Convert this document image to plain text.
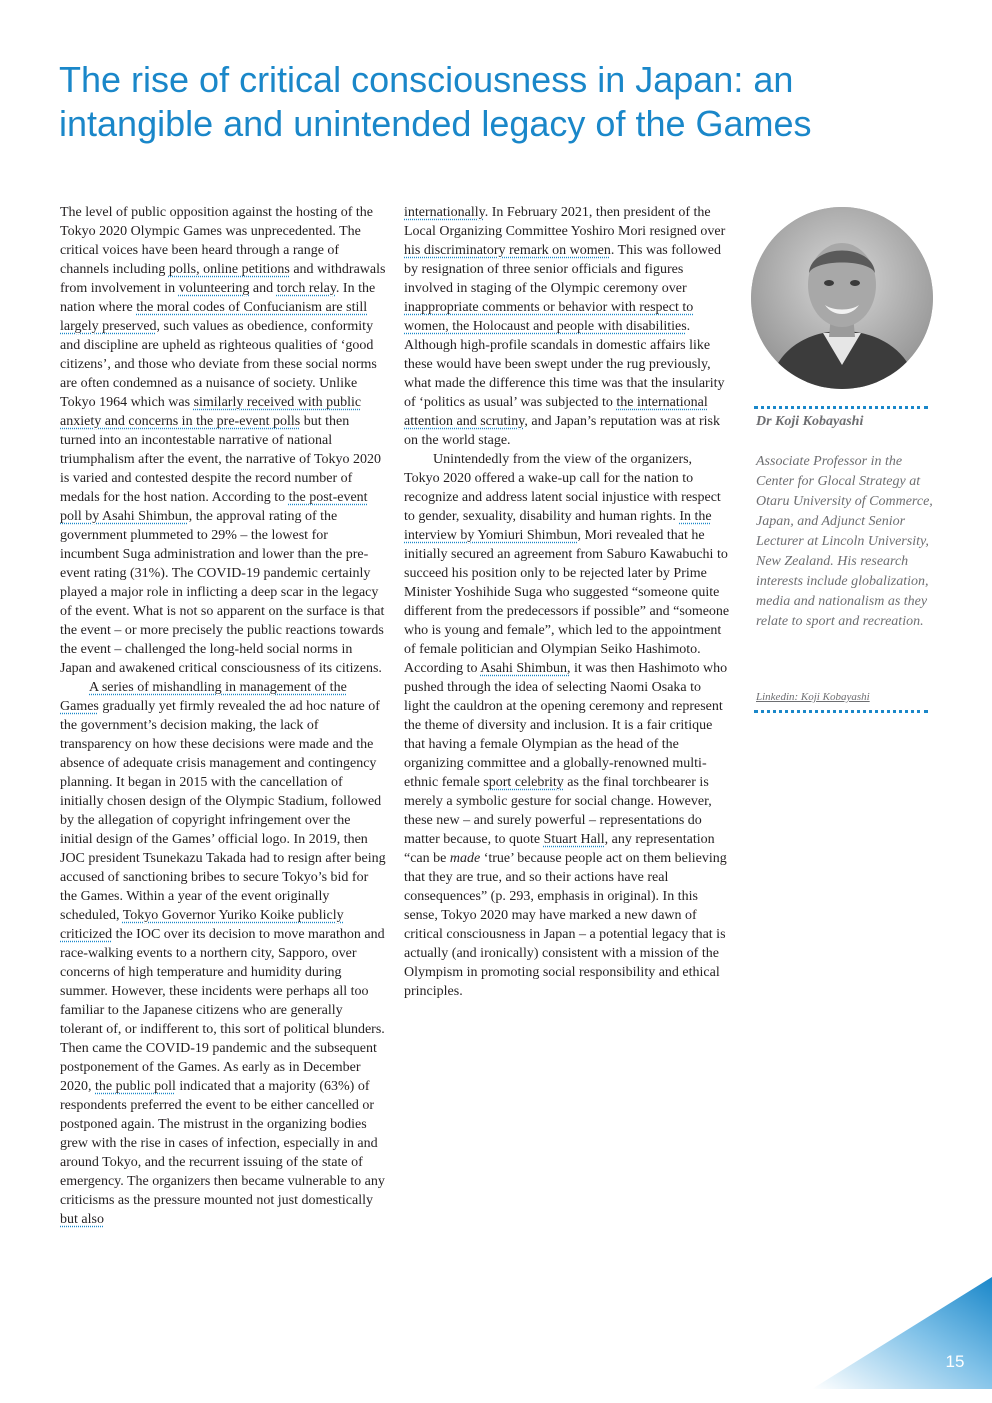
The rise of critical consciousness in Japan: an intangible and unintended legacy of the Games

The level of public opposition against the hosting of the Tokyo 2020 Olympic Games was unprecedented. The critical voices have been heard through a range of channels including polls, online petitions and withdrawals from involvement in volunteering and torch relay. In the nation where the moral codes of Confucianism are still largely preserved, such values as obedience, conformity and discipline are upheld as righteous qualities of ‘good citizens’, and those who deviate from these social norms are often condemned as a nuisance of society. Unlike Tokyo 1964 which was similarly received with public anxiety and concerns in the pre-event polls but then turned into an incontestable narrative of national triumphalism after the event, the narrative of Tokyo 2020 is varied and contested despite the record number of medals for the host nation. According to the post-event poll by Asahi Shimbun, the approval rating of the government plummeted to 29% – the lowest for incumbent Suga administration and lower than the pre-event rating (31%). The COVID-19 pandemic certainly played a major role in inflicting a deep scar in the legacy of the event. What is not so apparent on the surface is that the event – or more precisely the public reactions towards the event – challenged the long-held social norms in Japan and awakened critical consciousness of its citizens.

A series of mishandling in management of the Games gradually yet firmly revealed the ad hoc nature of the government’s decision making, the lack of transparency on how these decisions were made and the absence of adequate crisis management and contingency planning. It began in 2015 with the cancellation of initially chosen design of the Olympic Stadium, followed by the allegation of copyright infringement over the initial design of the Games’ official logo. In 2019, then JOC president Tsunekazu Takada had to resign after being accused of sanctioning bribes to secure Tokyo’s bid for the Games. Within a year of the event originally scheduled, Tokyo Governor Yuriko Koike publicly criticized the IOC over its decision to move marathon and race-walking events to a northern city, Sapporo, over concerns of high temperature and humidity during summer. However, these incidents were perhaps all too familiar to the Japanese citizens who are generally tolerant of, or indifferent to, this sort of political blunders. Then came the COVID-19 pandemic and the subsequent postponement of the Games. As early as in December 2020, the public poll indicated that a majority (63%) of respondents preferred the event to be either cancelled or postponed again. The mistrust in the organizing bodies grew with the rise in cases of infection, especially in and around Tokyo, and the recurrent issuing of the state of emergency. The organizers then became vulnerable to any criticisms as the pressure mounted not just domestically but also

internationally. In February 2021, then president of the Local Organizing Committee Yoshiro Mori resigned over his discriminatory remark on women. This was followed by resignation of three senior officials and figures involved in staging of the Olympic ceremony over inappropriate comments or behavior with respect to women, the Holocaust and people with disabilities. Although high-profile scandals in domestic affairs like these would have been swept under the rug previously, what made the difference this time was that the insularity of ‘politics as usual’ was subjected to the international attention and scrutiny, and Japan’s reputation was at risk on the world stage.

Unintendedly from the view of the organizers, Tokyo 2020 offered a wake-up call for the nation to recognize and address latent social injustice with respect to gender, sexuality, disability and human rights. In the interview by Yomiuri Shimbun, Mori revealed that he initially secured an agreement from Saburo Kawabuchi to succeed his position only to be rejected later by Prime Minister Yoshihide Suga who suggested “someone quite different from the predecessors if possible” and “someone who is young and female”, which led to the appointment of female politician and Olympian Seiko Hashimoto. According to Asahi Shimbun, it was then Hashimoto who pushed through the idea of selecting Naomi Osaka to light the cauldron at the opening ceremony and represent the theme of diversity and inclusion. It is a fair critique that having a female Olympian as the head of the organizing committee and a globally-renowned multi-ethnic female sport celebrity as the final torchbearer is merely a symbolic gesture for social change. However, these new – and surely powerful – representations do matter because, to quote Stuart Hall, any representation “can be made ‘true’ because people act on them believing that they are true, and so their actions have real consequences” (p. 293, emphasis in original). In this sense, Tokyo 2020 may have marked a new dawn of critical consciousness in Japan – a potential legacy that is actually (and ironically) consistent with a mission of the Olympism in promoting social responsibility and ethical principles.

Dr Koji Kobayashi
Associate Professor in the Center for Glocal Strategy at Otaru University of Commerce, Japan, and Adjunct Senior Lecturer at Lincoln University, New Zealand. His research interests include globalization, media and nationalism as they relate to sport and recreation.
Linkedin: Koji Kobayashi
15
